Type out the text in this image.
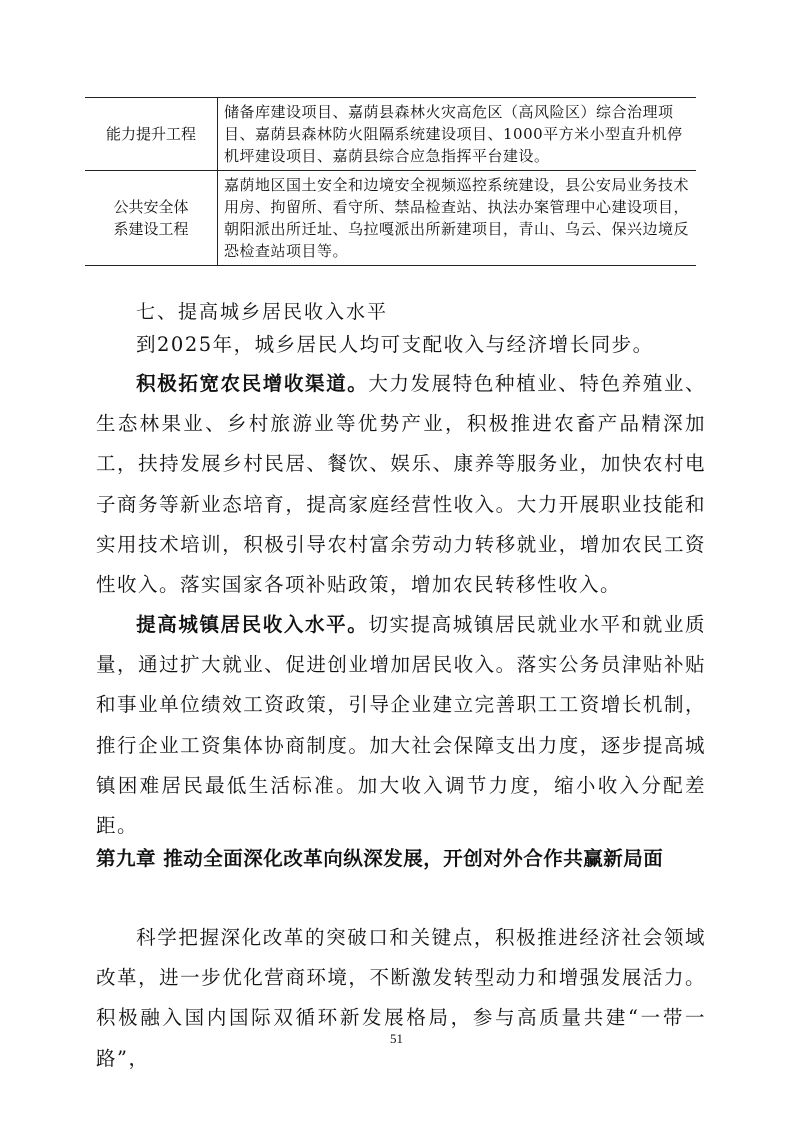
能力提升工程	储备库建设项目、嘉荫县森林火灾高危区（高风险区）综合治理项目、嘉荫县森林防火阻隔系统建设项目、1000平方米小型直升机停机坪建设项目、嘉荫县综合应急指挥平台建设。

公共安全体
系建设工程	嘉荫地区国土安全和边境安全视频巡控系统建设，县公安局业务技术用房、拘留所、看守所、禁品检查站、执法办案管理中心建设项目，朝阳派出所迁址、乌拉嘎派出所新建项目，青山、乌云、保兴边境反恐检查站项目等。
七、提高城乡居民收入水平
到2025年，城乡居民人均可支配收入与经济增长同步。
积极拓宽农民增收渠道。大力发展特色种植业、特色养殖业、生态林果业、乡村旅游业等优势产业，积极推进农畜产品精深加工，扶持发展乡村民居、餐饮、娱乐、康养等服务业，加快农村电子商务等新业态培育，提高家庭经营性收入。大力开展职业技能和实用技术培训，积极引导农村富余劳动力转移就业，增加农民工资性收入。落实国家各项补贴政策，增加农民转移性收入。
提高城镇居民收入水平。切实提高城镇居民就业水平和就业质量，通过扩大就业、促进创业增加居民收入。落实公务员津贴补贴和事业单位绩效工资政策，引导企业建立完善职工工资增长机制，推行企业工资集体协商制度。加大社会保障支出力度，逐步提高城镇困难居民最低生活标准。加大收入调节力度，缩小收入分配差距。
第九章 推动全面深化改革向纵深发展，开创对外合作共赢新局面
科学把握深化改革的突破口和关键点，积极推进经济社会领域改革，进一步优化营商环境，不断激发转型动力和增强发展活力。积极融入国内国际双循环新发展格局，参与高质量共建“一带一路”，
51
